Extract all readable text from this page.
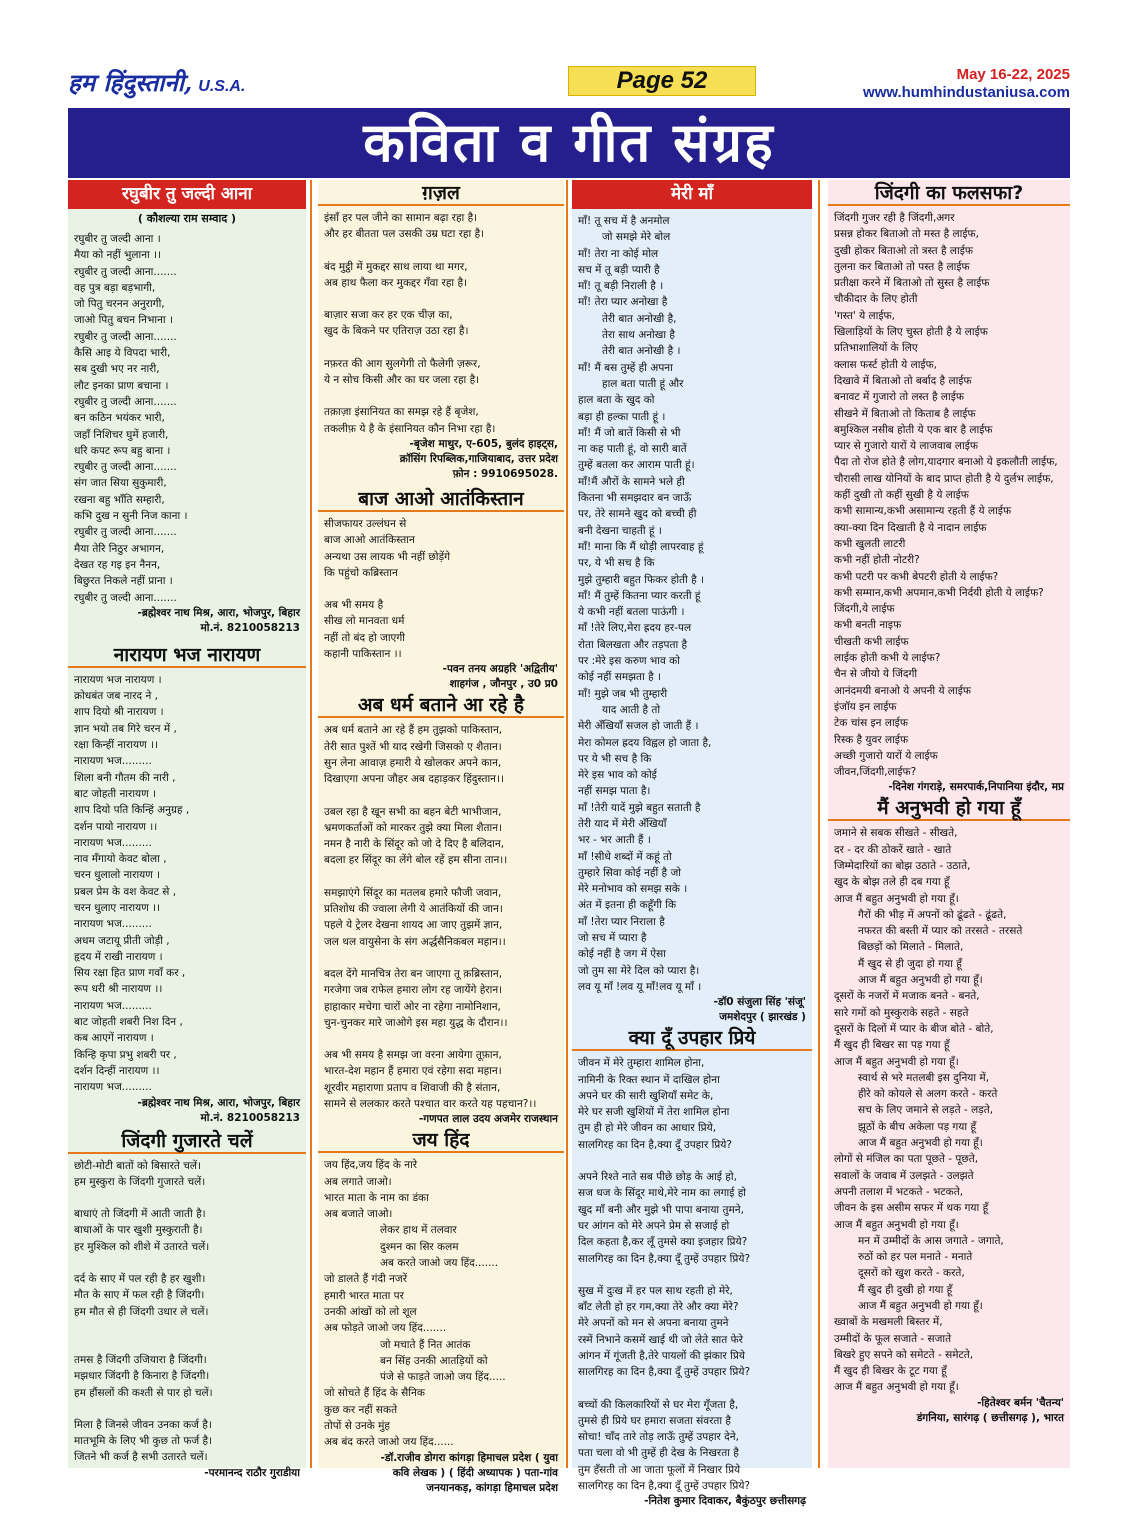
हम हिंदुस्तानी, U.S.A.	Page 52	May 16-22, 2025
www.humhindustaniusa.com
कविता व गीत संग्रह
रघुबीर तु जल्दी आना
( कौशल्या राम सम्वाद )

रघुबीर तु जल्दी आना ।

मैया को नहीं भुलाना ।।

रघुबीर तु जल्दी आना.......

वह पुत्र बड़ा बड़भागी,

जो पितु चरनन अनुरागी,

जाओ पितु बचन निभाना ।

रघुबीर तु जल्दी आना.......

कैसि आइ ये विपदा भारी,

सब दुखी भए नर नारी,

लौट इनका प्राण बचाना ।

रघुबीर तु जल्दी आना.......

बन कठिन भयंकर भारी,

जहाँ निशिचर घुमें हजारी,

धरि कपट रूप बहु बाना ।

रघुबीर तु जल्दी आना.......

संग जात सिया सुकुमारी,

रखना बहु भाँति सम्हारी,

कभि दुख न सुनी निज काना ।

रघुबीर तु जल्दी आना.......

मैया तेरि निठुर अभागन,

देखत रह गइ इन नैनन,

बिछुरत निकले नहीं प्राना ।

रघुबीर तु जल्दी आना.......

-ब्रह्मेश्वर नाथ मिश्र, आरा, भोजपुर, बिहार
मो.नं. 8210058213
नारायण भज नारायण

नारायण भज नारायण ।

क्रोधबंत जब नारद ने ,

शाप दियो श्री नारायण ।

ज्ञान भयो तब गिरे चरन में ,

रक्षा किन्हीं नारायण ।।

नारायण भज.........

शिला बनी गौतम की नारी ,

बाट जोहती नारायण ।

शाप दियो पति किन्हिं अनुग्रह ,

दर्शन पायो नारायण ।।

नारायण भज.........

नाव मँगायो केवट बोला ,

चरन धुलालो नारायण ।

प्रबल प्रेम के वश केवट से ,

चरन धुलाए नारायण ।।

नारायण भज.........

अधम जटायू प्रीती जोड़ी ,

हृदय में राखी नारायण ।

सिय रक्षा हित प्राण गवाँ कर ,

रूप धरी श्री नारायण ।।

नारायण भज.........

बाट जोहती शबरी निश दिन ,

कब आएगें नारायण ।

किन्हि कृपा प्रभु शबरी पर ,

दर्शन दिन्हीं नारायण ।।

नारायण भज.........

-ब्रह्मेश्वर नाथ मिश्र, आरा, भोजपुर, बिहार
मो.नं. 8210058213
जिंदगी गुजारते चलें

छोटी-मोटी बातों को बिसारते चलें।

हम मुस्कुरा के जिंदगी गुजारते चलें।

बाधाएं तो जिंदगी में आती जाती है।

बाधाओं के पार खुशी मुस्कुराती है।

हर मुश्किल को शीशे में उतारते चलें।

दर्द के साए में पल रही है हर खुशी।

मौत के साए में फल रही है जिंदगी।

हम मौत से ही जिंदगी उधार ले चलें।

तमस है जिंदगी उजियारा है जिंदगी।

मझधार जिंदगी है किनारा है जिंदगी।

हम हौंसलों की कश्ती से पार हो चलें।

मिला है जिनसे जीवन उनका कर्ज है।

मातभूमि के लिए भी कुछ तो फर्ज है।

जितने भी कर्ज है सभी उतारते चलें।

-परमानन्द राठौर गुराडीया
ग़ज़ल

इंसाँ हर पल जीने का सामान बढ़ा रहा है।

और हर बीतता पल उसकी उम्र घटा रहा है।

बंद मुट्ठी में मुकद्दर साथ लाया था मगर,

अब हाथ फैला कर मुकद्दर गँवा रहा है।

बाज़ार सजा कर हर एक चीज़ का,

खुद के बिकने पर एतिराज़ उठा रहा है।

नफ़रत की आग सुलगेगी तो फैलेगी ज़रूर,

ये न सोच किसी और का घर जला रहा है।

तक़ाज़ा इंसानियत का समझ रहे हैं बृजेश,

तकलीफ़ ये है के इंसानियत कौन निभा रहा है।

-बृजेश माथुर, ए-605, बुलंद हाइट्स,
क्रॉसिंग रिपब्लिक,गाजियाबाद, उत्तर प्रदेश
फ़ोन : 9910695028.
बाज आओ आतंकिस्तान

सीजफायर उल्लंघन से

बाज आओ आतंकिस्तान

अन्यथा उस लायक भी नहीं छोड़ेंगे

कि पहुंचो कब्रिस्तान

अब भी समय है

सीख लो मानवता धर्म

नहीं तो बंद हो जाएगी

कहानी पाकिस्तान ।।

-पवन तनय अग्रहरि 'अद्वितीय'
शाहगंज , जौनपुर , उ0 प्र0
अब धर्म बताने आ रहे है

अब धर्म बताने आ रहे हैं हम तुझको पाकिस्तान,

तेरी सात पुश्तें भी याद रखेगी जिसको ए शैतान।

सुन लेना आवाज़ हमारी ये खोलकर अपने कान,

दिखाएगा अपना जौहर अब दहाड़कर हिंदुस्तान।।

उबल रहा है खून सभी का बहन बेटी भाभीजान,

भ्रमणकर्ताओं को मारकर तुझे क्या मिला शैतान।

नमन है नारी के सिंदूर को जो दे दिए है बलिदान,

बदला हर सिंदूर का लेंगे बोल रहें हम सीना तान।।

समझाएंगे सिंदूर का मतलब हमारे फौजी जवान,

प्रतिशोध की ज्वाला लेगी ये आतंकियों की जान।

पहले ये ट्रेलर देखना शायद आ जाए तुझमें ज्ञान,

जल थल वायुसेना के संग अर्द्धसैनिकबल महान।।

बदल देंगे मानचित्र तेरा बन जाएगा तू क़ब्रिस्तान,

गरजेगा जब राफेल हमारा लोग रह जायेंगे हेरान।

हाहाकार मचेगा चारों ओर ना रहेगा नामोनिशान,

चुन-चुनकर मारे जाओगे इस महा युद्ध के दौरान।।

अब भी समय है समझ जा वरना आयेगा तूफ़ान,

भारत-देश महान हैं हमारा एवं रहेगा सदा महान।

शूरवीर महाराणा प्रताप व शिवाजी की है संतान,

सामने से ललकार करते पश्चात वार करते यह पहचान?।।

-गणपत लाल उदय अजमेर राजस्थान
जय हिंद

जय हिंद,जय हिंद के नारे

अब लगाते जाओ।

भारत माता के नाम का डंका

अब बजाते जाओ।

लेकर हाथ में तलवार

दुश्मन का सिर कलम

अब करते जाओ जय हिंद.......

जो डालते हैं गंदी नजरें

हमारी भारत माता पर

उनकी आंखों को लो शूल

अब फोड़ते जाओ जय हिंद.......

जो मचाते हैं नित आतंक

बन सिंह उनकी आतड़ियों को

पंजे से फाड़ते जाओ जय हिंद.....

जो सोचते हैं हिंद के सैनिक

कुछ कर नहीं सकते

तोपों से उनके मुंह

अब बंद करते जाओ जय हिंद......

-डॉ.राजीव डोगरा कांगड़ा हिमाचल प्रदेश ( युवा
कवि लेखक ) ( हिंदी अध्यापक ) पता-गांव
जनयानकड़, कांगड़ा हिमाचल प्रदेश
मेरी माँ

माँ! तू सच में है अनमोल

जो समझे मेरे बोल

माँ! तेरा ना कोई मोल

सच में तू बड़ी प्यारी है

माँ! तू बड़ी निराली है ।

माँ! तेरा प्यार अनोखा है

तेरी बात अनोखी है,

तेरा साथ अनोखा है

तेरी बात अनोखी है ।

माँ! मैं बस तुम्हें ही अपना

हाल बता पाती हूं और

हाल बता के खुद को

बड़ा ही हल्का पाती हूं ।

माँ! मैं जो बातें किसी से भी

ना कह पाती हूं, वो सारी बातें

तुम्हें बतला कर आराम पाती हूं।

माँ!मैं औरों के सामने भले ही

कितना भी समझदार बन जाऊँ

पर, तेरे सामने खुद को बच्ची ही

बनी देखना चाहती हूं ।

माँ! माना कि मैं थोड़ी लापरवाह हूं

पर, ये भी सच है कि

मुझे तुम्हारी बहुत फिकर होती है ।

माँ! मैं तुम्हें कितना प्यार करती हूं

ये कभी नहीं बतला पाऊंगी ।

माँ !तेरे लिए,मेरा ह्रदय हर-पल

रोता बिलखता और तड़पता है

पर :मेरे इस करुण भाव को

कोई नहीं समझता है ।

माँ! मुझे जब भी तुम्हारी

याद आती है तो

मेरी अँखियाँ सजल हो जाती हैं ।

मेरा कोमल ह्रदय विह्वल हो जाता है,

पर ये भी सच है कि

मेरे इस भाव को कोई

नहीं समझ पाता है।

माँ !तेरी यादें मुझे बहुत सताती है

तेरी याद में मेरी अँखियाँ

भर - भर आती हैं ।

माँ !सीधे शब्दों में कहूं तो

तुम्हारे सिवा कोई नहीं है जो

मेरे मनोभाव को समझ सके ।

अंत में इतना ही कहूँगी कि

माँ !तेरा प्यार निराला है

जो सच में प्यारा है

कोई नहीं है जग में ऐसा

जो तुम सा मेरे दिल को प्यारा है।

लव यू माँ !लव यू माँ!लव यू माँ ।

-डॉ0 संजुला सिंह 'संजू'
जमशेदपुर ( झारखंड )
क्या दूँ उपहार प्रिये

जीवन में मेरे तुम्हारा शामिल होना,

नामिनी के रिक्त स्थान में दाखिल होना

अपने घर की सारी खुशियाँ समेट के,

मेरे घर सजी खुशियों में तेरा शामिल होना

तुम ही हो मेरे जीवन का आधार प्रिये,

सालगिरह का दिन है,क्या दूँ उपहार प्रिये?

अपने रिश्ते नाते सब पीछे छोड़ के आई हो,

सज धज के सिंदूर माथे,मेरे नाम का लगाई हो

खुद माँ बनी और मुझे भी पापा बनाया तुमने,

घर आंगन को मेरे अपने प्रेम से सजाई हो

दिल कहता है,कर लूँ तुमसे क्या इजहार प्रिये?

सालगिरह का दिन है,क्या दूँ तुम्हें उपहार प्रिये?

सुख में दुःख में हर पल साथ रहती हो मेरे,

बाँट लेती हो हर गम,क्या तेरे और क्या मेरे?

मेरे अपनों को मन से अपना बनाया तुमने

रस्में निभाने कसमें खाई थी जो लेते सात फेरे

आंगन में गूंजती है,तेरे पायलों की झंकार प्रिये

सालगिरह का दिन है,क्या दूँ तुम्हें उपहार प्रिये?

बच्चों की किलकारियों से घर मेरा गूँजता है,

तुमसे ही प्रिये घर हमारा सजता संवरता है

सोचा! चाँद तारे तोड़ लाऊँ तुम्हें उपहार देने,

पता चला वो भी तुम्हें ही देख के निखरता है

तुम हँसती तो आ जाता फूलों में निखार प्रिये

सालगिरह का दिन है,क्या दूँ तुम्हें उपहार प्रिये?

-नितेश कुमार दिवाकर, बैकुंठपुर छत्तीसगढ़
जिंदगी का फलसफा?

जिंदगी गुजर रही है जिंदगी,अगर

प्रसन्न होकर बिताओ तो मस्त है लाईफ,

दुखी होकर बिताओ तो त्रस्त है लाईफ

तुलना कर बिताओ तो पस्त है लाईफ

प्रतीक्षा करने में बिताओ तो सुस्त है लाईफ

चौकीदार के लिए होती

'गस्त' ये लाईफ,

खिलाड़ियों के लिए चुस्त होती है ये लाईफ

प्रतिभाशालियों के लिए

क्लास फर्स्ट होती ये लाईफ,

दिखावे में बिताओ तो बर्बाद है लाईफ

बनावट में गुजारो तो लस्त है लाईफ

सीखने में बिताओ तो किताब है लाईफ

बमुश्किल नसीब होती ये एक बार है लाईफ

प्यार से गुजारो यारों ये लाजवाब लाईफ

पैदा तो रोज होते है लोग,यादगार बनाओ ये इकलौती लाईफ,

चौरासी लाख योनियों के बाद प्राप्त होती है ये दुर्लभ लाईफ,

कहीं दुखी तो कहीं सुखी है ये लाईफ

कभी सामान्य,कभी असामान्य रहती हैं ये लाईफ

क्या-क्या दिन दिखाती है ये नादान लाईफ

कभी खुलती लाटरी

कभी नहीं होती नोटरी?

कभी पटरी पर कभी बेपटरी होती ये लाईफ?

कभी सम्मान,कभी अपमान,कभी निर्दयी होती ये लाईफ?

जिंदगी,ये लाईफ

कभी बनती नाइफ

चीखती कभी लाईफ

लाईक होती कभी ये लाईफ?

चैन से जीयो ये जिंदगी

आनंदमयी बनाओ ये अपनी ये लाईफ

इंजॉय इन लाईफ

टेक चांस इन लाईफ

रिस्क है युवर लाईफ

अच्छी गुजारो यारों ये लाईफ

जीवन,जिंदगी,लाईफ?

-दिनेश गंगराड़े, समरपार्क,निपानिया इंदौर, मप्र
मैं अनुभवी हो गया हूँ

जमाने से सबक सीखते - सीखते,

दर - दर की ठोकरें खाते - खाते

जिम्मेदारियों का बोझ उठाते - उठाते,

खुद के बोझ तले ही दब गया हूँ

आज मैं बहुत अनुभवी हो गया हूँ।

गैरों की भीड़ में अपनों को ढूंढते - ढूंढते,

नफरत की बस्ती में प्यार को तरसते - तरसते

बिछड़ों को मिलाते - मिलाते,

मैं खुद से ही जुदा हो गया हूँ

आज मैं बहुत अनुभवी हो गया हूँ।

दूसरों के नजरों में मजाक बनते - बनते,

सारे गमों को मुस्कुराके सहते - सहते

दूसरों के दिलों में प्यार के बीज बोते - बोते,

मैं खुद ही बिखर सा पड़ गया हूँ

आज मैं बहुत अनुभवी हो गया हूँ।

स्वार्थ से भरे मतलबी इस दुनिया में,

हीरे को कोयले से अलग करते - करते

सच के लिए जमाने से लड़ते - लड़ते,

झूठों के बीच अकेला पड़ गया हूँ

आज मैं बहुत अनुभवी हो गया हूँ।

लोगों से मंजिल का पता पूछते - पूछते,

सवालों के जवाब में उलझते - उलझते

अपनी तलाश में भटकते - भटकते,

जीवन के इस असीम सफर में थक गया हूँ

आज मैं बहुत अनुभवी हो गया हूँ।

मन में उम्मीदों के आस जगाते - जगाते,

रुठों को हर पल मनाते - मनाते

दूसरों को खुश करते - करते,

मैं खुद ही दुखी हो गया हूँ

आज मैं बहुत अनुभवी हो गया हूँ।

ख्वाबों के मखमली बिस्तर में,

उम्मीदों के फूल सजाते - सजाते

बिखरे हुए सपने को समेटते - समेटते,

मैं खुद ही बिखर के टूट गया हूँ

आज मैं बहुत अनुभवी हो गया हूँ।

-हितेश्वर बर्मन 'चैतन्य'
डंगनिया, सारंगढ़ ( छत्तीसगढ़ ), भारत
